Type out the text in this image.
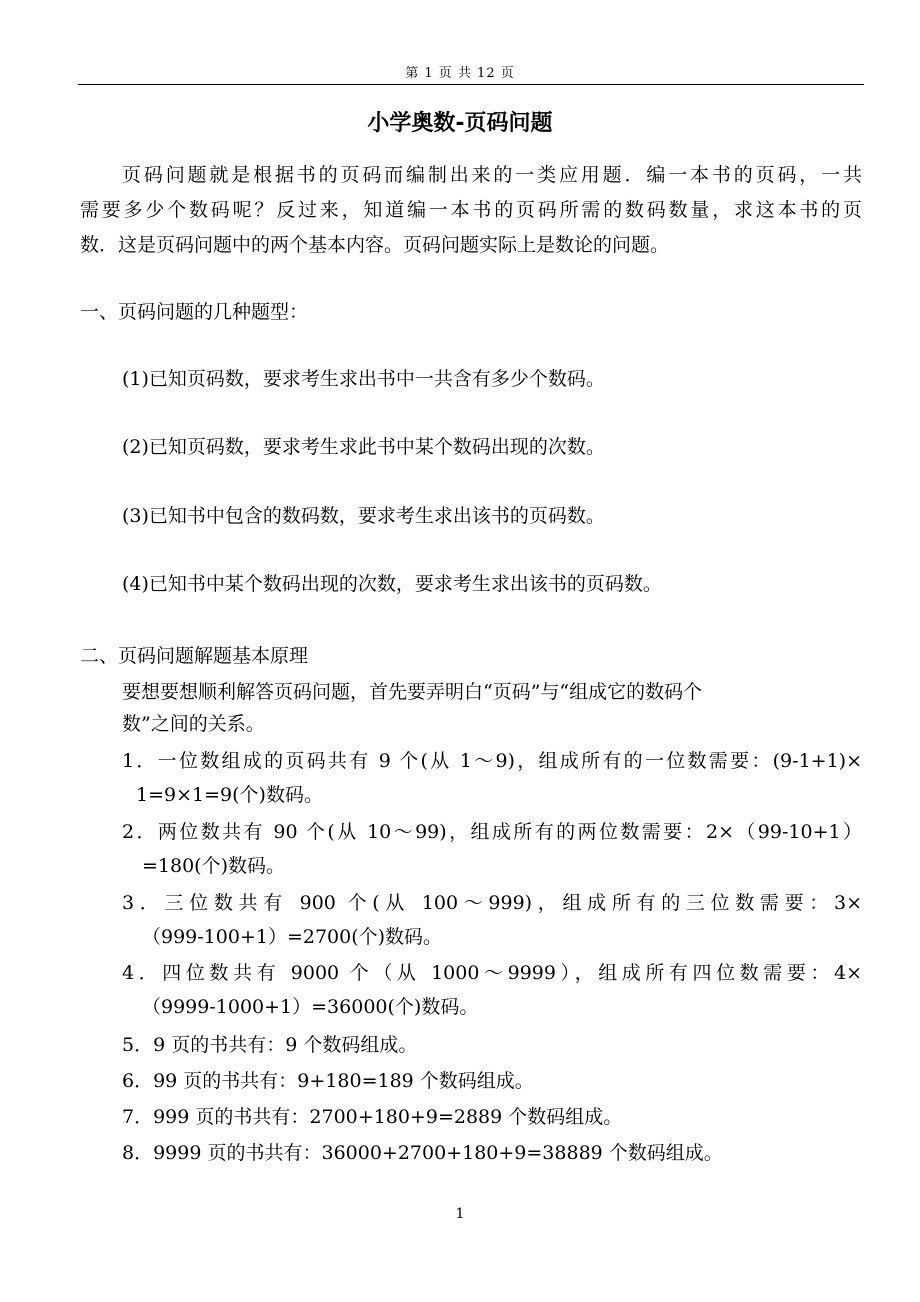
第 1 页 共 12 页
小学奥数-页码问题
页码问题就是根据书的页码而编制出来的一类应用题．编一本书的页码，一共
需要多少个数码呢？反过来，知道编一本书的页码所需的数码数量，求这本书的页
数．这是页码问题中的两个基本内容。页码问题实际上是数论的问题。
一、页码问题的几种题型：
(1)已知页码数，要求考生求出书中一共含有多少个数码。
(2)已知页码数，要求考生求此书中某个数码出现的次数。
(3)已知书中包含的数码数，要求考生求出该书的页码数。
(4)已知书中某个数码出现的次数，要求考生求出该书的页码数。
二、页码问题解题基本原理
要想要想顺利解答页码问题，首先要弄明白“页码”与“组成它的数码个
数”之间的关系。
1．一位数组成的页码共有 9 个(从 1～9)，组成所有的一位数需要：(9-1+1)×
1=9×1=9(个)数码。
2．两位数共有 90 个(从 10～99)，组成所有的两位数需要：2×（99-10+1）
=180(个)数码。
3．三位数共有 900 个(从 100～999)，组成所有的三位数需要：3×
（999-100+1）=2700(个)数码。
4．四位数共有 9000 个（从 1000～9999），组成所有四位数需要：4×
（9999-1000+1）=36000(个)数码。
5．9 页的书共有：9 个数码组成。
6．99 页的书共有：9+180=189 个数码组成。
7．999 页的书共有：2700+180+9=2889 个数码组成。
8．9999 页的书共有：36000+2700+180+9=38889 个数码组成。
1
